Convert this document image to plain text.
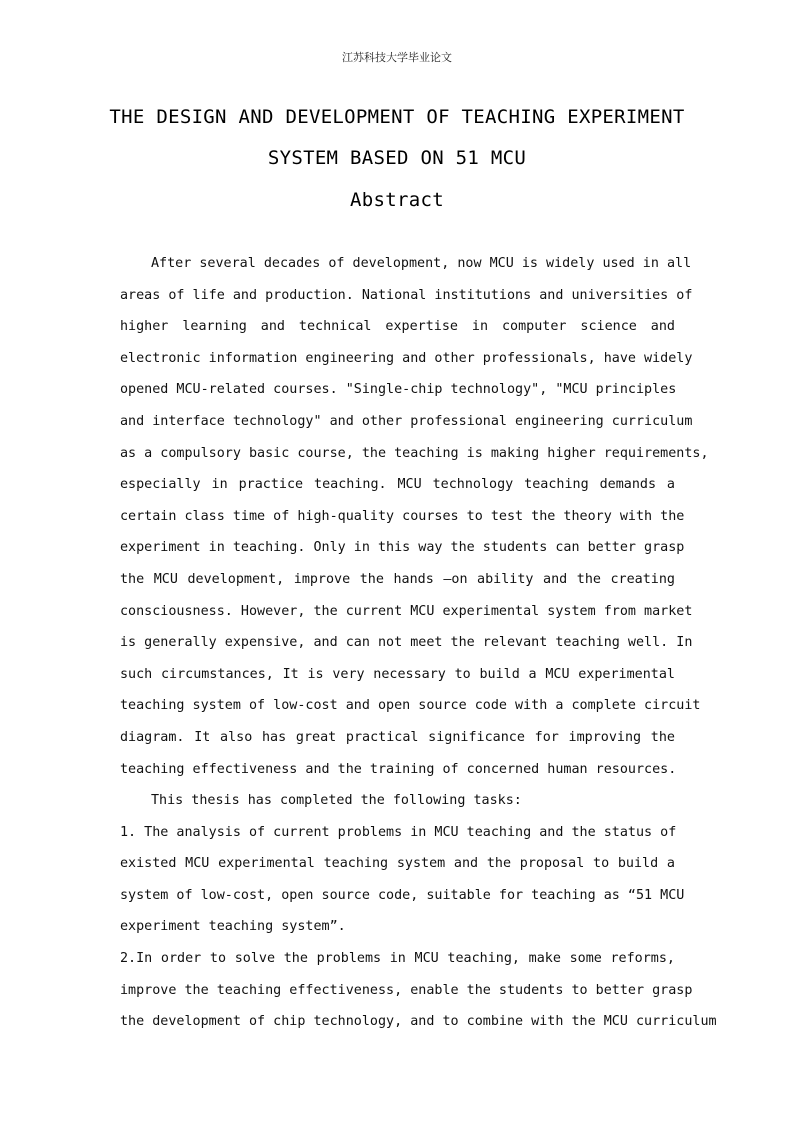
江苏科技大学毕业论文
THE DESIGN AND DEVELOPMENT OF TEACHING EXPERIMENT
SYSTEM BASED ON 51 MCU
Abstract
After several decades of development, now MCU is widely used in all
areas of life and production. National institutions and universities of
higher learning and technical expertise in computer science and
electronic information engineering and other professionals, have widely
opened MCU-related courses. "Single-chip technology", "MCU principles
and interface technology" and other professional engineering curriculum
as a compulsory basic course, the teaching is making higher requirements,
especially in practice teaching. MCU technology teaching demands a
certain class time of high-quality courses to test the theory with the
experiment in teaching. Only in this way the students can better grasp
the MCU development, improve the hands –on ability and the creating
consciousness. However, the current MCU experimental system from market
is generally expensive, and can not meet the relevant teaching well. In
such circumstances, It is very necessary to build a MCU experimental
teaching system of low-cost and open source code with a complete circuit
diagram. It also has great practical significance for improving the
teaching effectiveness and the training of concerned human resources.
This thesis has completed the following tasks:
1. The analysis of current problems in MCU teaching and the status of
existed MCU experimental teaching system and the proposal to build a
system of low-cost, open source code, suitable for teaching as “51 MCU
experiment teaching system”.
2.In order to solve the problems in MCU teaching, make some reforms,
improve the teaching effectiveness, enable the students to better grasp
the development of chip technology, and to combine with the MCU curriculum
